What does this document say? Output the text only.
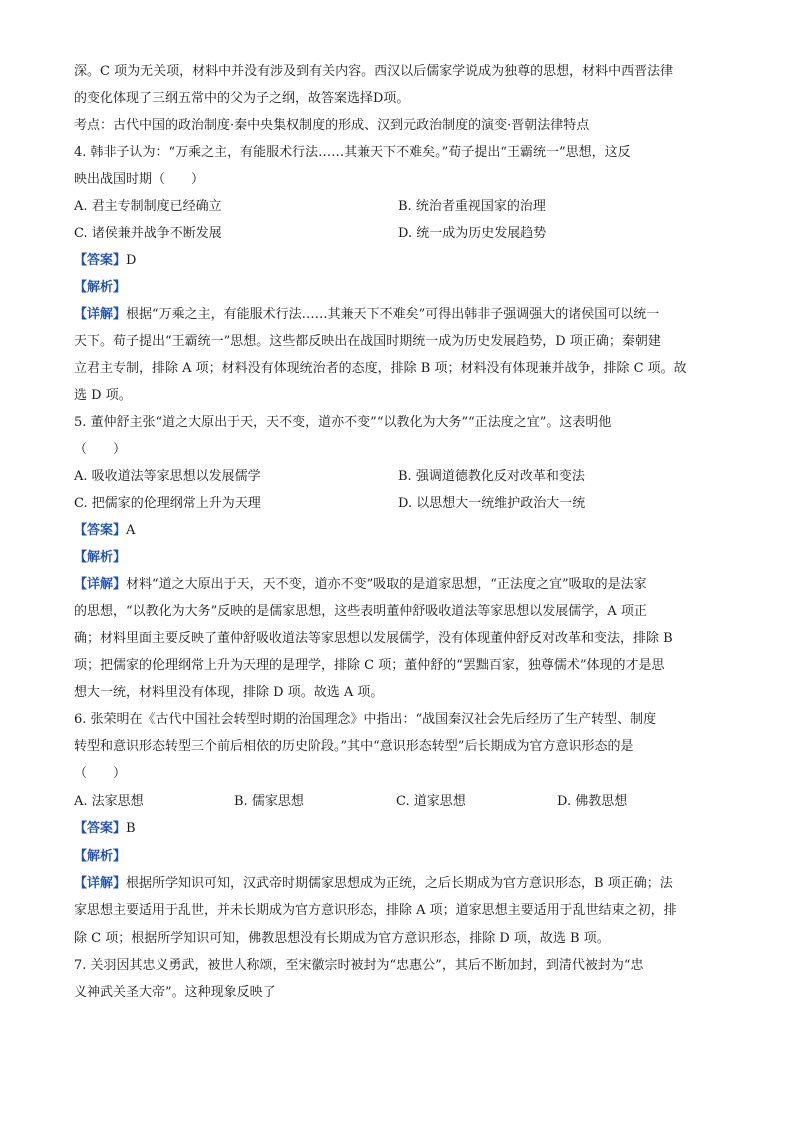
深。C 项为无关项，材料中并没有涉及到有关内容。西汉以后儒家学说成为独尊的思想，材料中西晋法律
的变化体现了三纲五常中的父为子之纲，故答案选择D项。
考点：古代中国的政治制度·秦中央集权制度的形成、汉到元政治制度的演变·晋朝法律特点
4. 韩非子认为：“万乘之主，有能服术行法……其兼天下不难矣。”荀子提出“王霸统一”思想，这反
映出战国时期（　　）
A. 君主专制制度已经确立	B. 统治者重视国家的治理
C. 诸侯兼并战争不断发展	D. 统一成为历史发展趋势
【答案】D
【解析】
【详解】根据“万乘之主，有能服术行法……其兼天下不难矣”可得出韩非子强调强大的诸侯国可以统一
天下。荀子提出“王霸统一”思想。这些都反映出在战国时期统一成为历史发展趋势，D 项正确；秦朝建
立君主专制，排除 A 项；材料没有体现统治者的态度，排除 B 项；材料没有体现兼并战争，排除 C 项。故
选 D 项。
5. 董仲舒主张“道之大原出于天，天不变，道亦不变”“以教化为大务”“正法度之宜”。这表明他
（　　）
A. 吸收道法等家思想以发展儒学	B. 强调道德教化反对改革和变法
C. 把儒家的伦理纲常上升为天理	D. 以思想大一统维护政治大一统
【答案】A
【解析】
【详解】材料“道之大原出于天，天不变，道亦不变”吸取的是道家思想，“正法度之宜”吸取的是法家
的思想，“以教化为大务”反映的是儒家思想，这些表明董仲舒吸收道法等家思想以发展儒学，A 项正
确；材料里面主要反映了董仲舒吸收道法等家思想以发展儒学，没有体现董仲舒反对改革和变法，排除 B
项；把儒家的伦理纲常上升为天理的是理学，排除 C 项；董仲舒的“罢黜百家，独尊儒术”体现的才是思
想大一统，材料里没有体现，排除 D 项。故选 A 项。
6. 张荣明在《古代中国社会转型时期的治国理念》中指出：“战国秦汉社会先后经历了生产转型、制度
转型和意识形态转型三个前后相依的历史阶段。”其中“意识形态转型”后长期成为官方意识形态的是
（　　）
A. 法家思想	B. 儒家思想	C. 道家思想	D. 佛教思想
【答案】B
【解析】
【详解】根据所学知识可知，汉武帝时期儒家思想成为正统，之后长期成为官方意识形态，B 项正确；法
家思想主要适用于乱世，并未长期成为官方意识形态，排除 A 项；道家思想主要适用于乱世结束之初，排
除 C 项；根据所学知识可知，佛教思想没有长期成为官方意识形态，排除 D 项，故选 B 项。
7. 关羽因其忠义勇武，被世人称颂，至宋徽宗时被封为“忠惠公”，其后不断加封，到清代被封为“忠
义神武关圣大帝”。这种现象反映了
